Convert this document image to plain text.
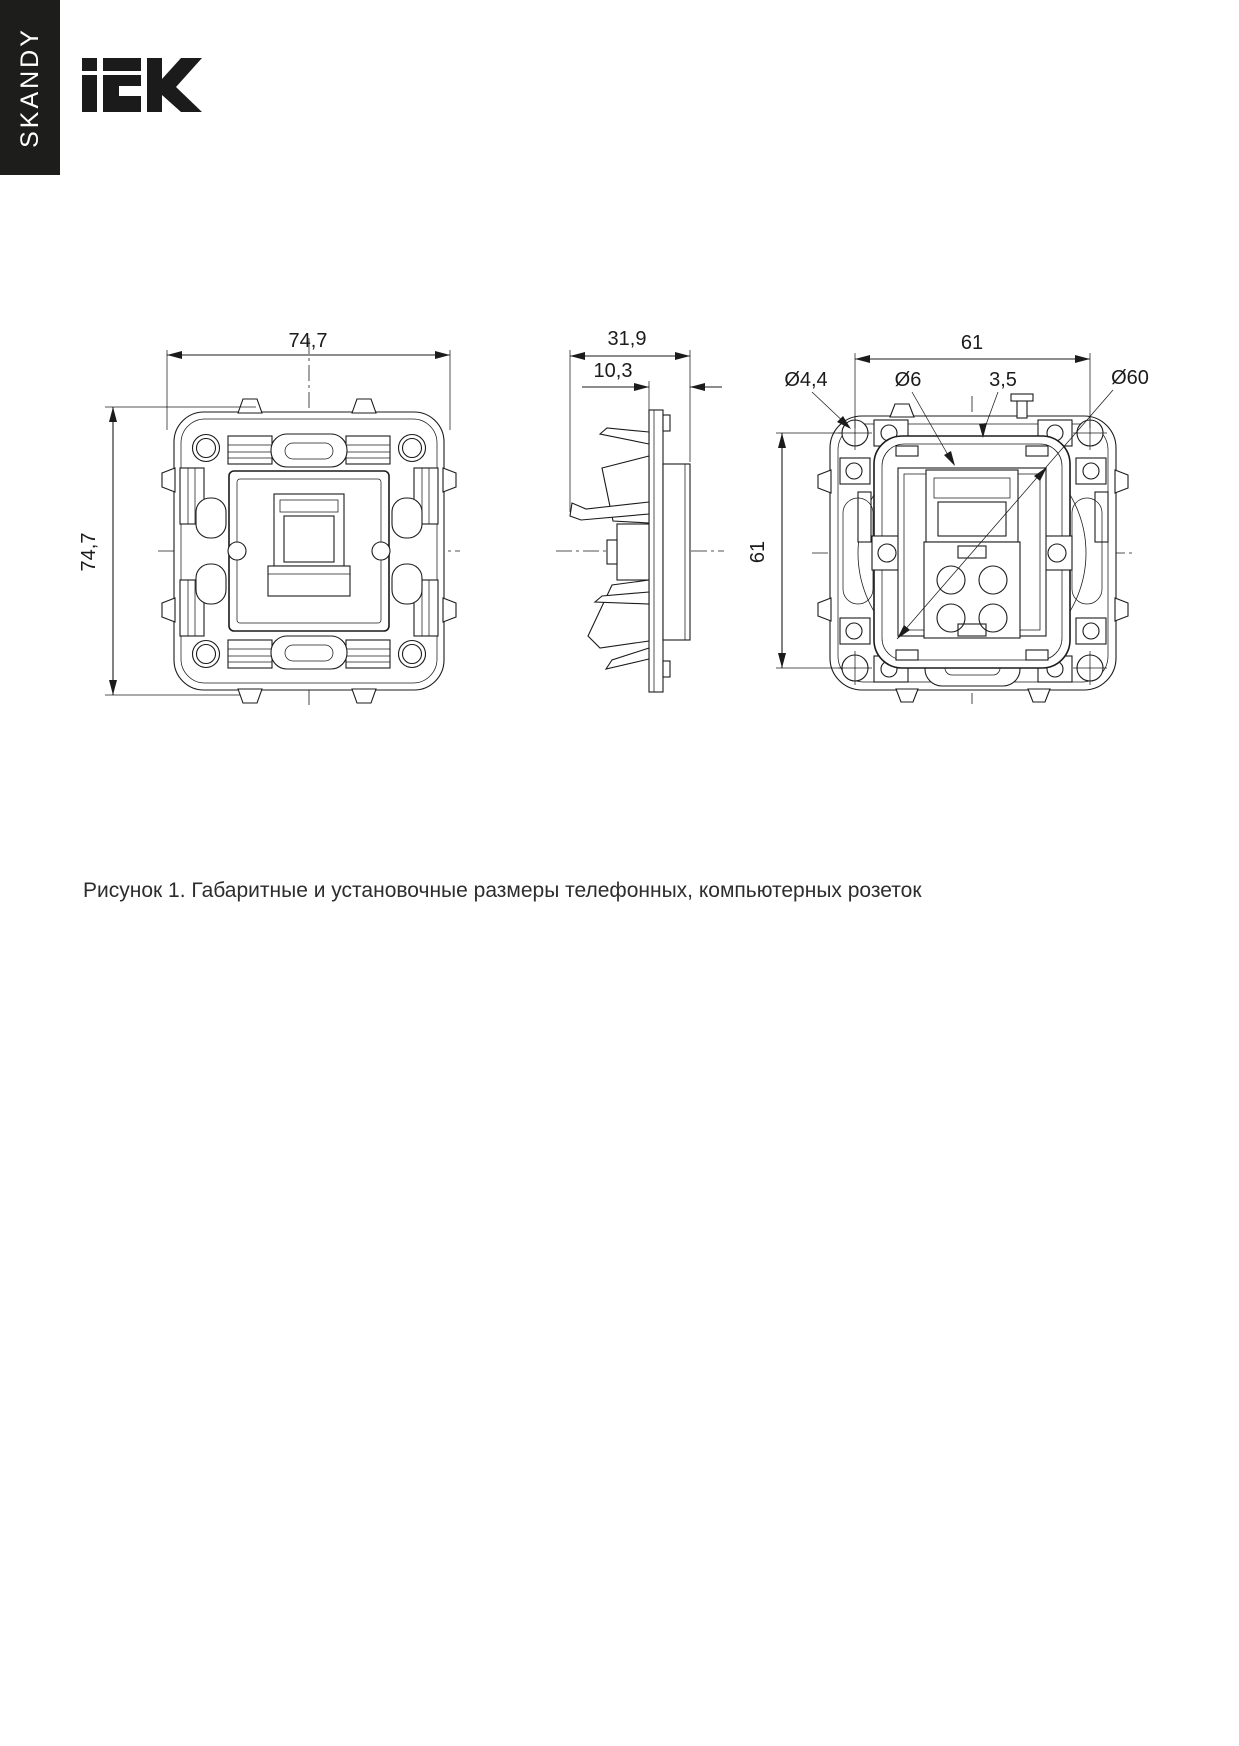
SKANDY
74,7
74,7
31,9
10,3
61
61
Ø4,4	Ø6	3,5	Ø60
Рисунок 1. Габаритные и установочные размеры телефонных, компьютерных розеток
